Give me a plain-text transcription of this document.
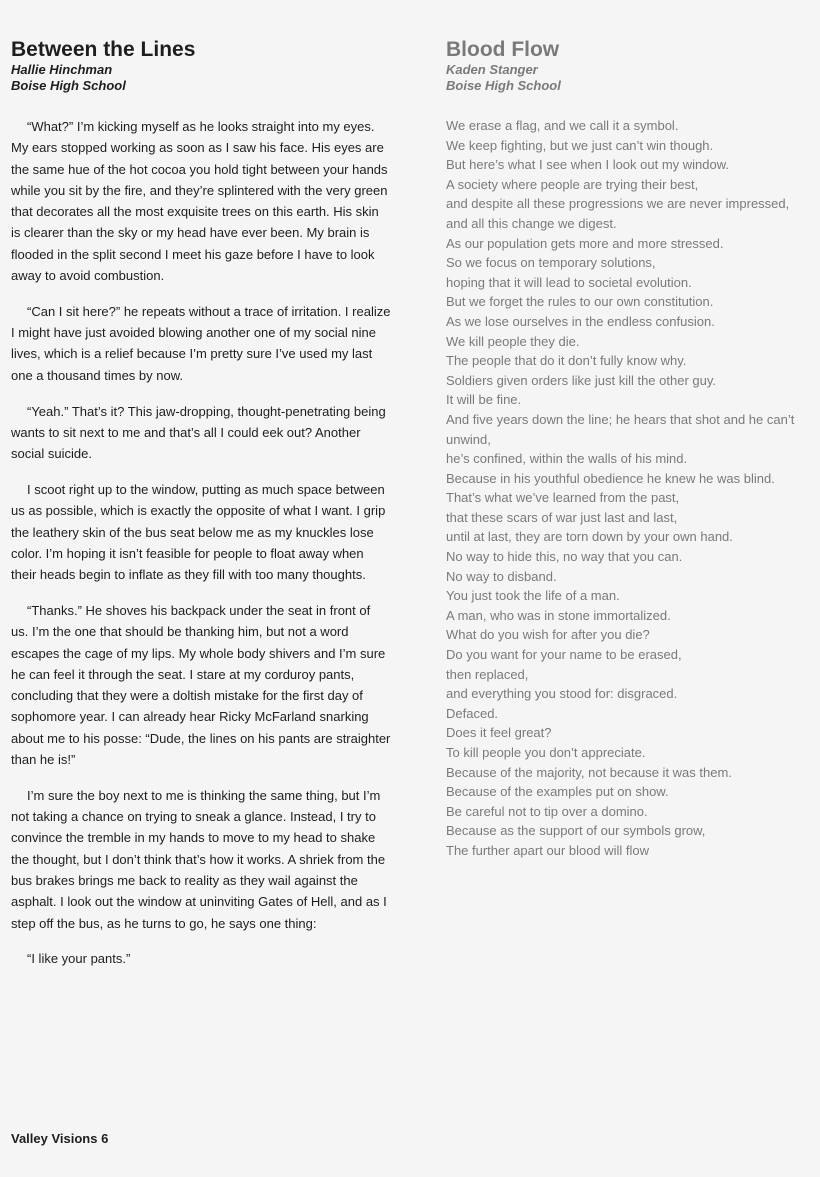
Between the Lines
Hallie Hinchman
Boise High School

“What?” I’m kicking myself as he looks straight into my eyes. My ears stopped working as soon as I saw his face. His eyes are the same hue of the hot cocoa you hold tight between your hands while you sit by the fire, and they’re splintered with the very green that decorates all the most exquisite trees on this earth. His skin is clearer than the sky or my head have ever been. My brain is flooded in the split second I meet his gaze before I have to look away to avoid combustion.

“Can I sit here?” he repeats without a trace of irritation. I realize I might have just avoided blowing another one of my social nine lives, which is a relief because I’m pretty sure I’ve used my last one a thousand times by now.

“Yeah.” That’s it? This jaw-dropping, thought-penetrating being wants to sit next to me and that’s all I could eek out? Another social suicide.

I scoot right up to the window, putting as much space between us as possible, which is exactly the opposite of what I want. I grip the leathery skin of the bus seat below me as my knuckles lose color. I’m hoping it isn’t feasible for people to float away when their heads begin to inflate as they fill with too many thoughts.

“Thanks.” He shoves his backpack under the seat in front of us. I’m the one that should be thanking him, but not a word escapes the cage of my lips. My whole body shivers and I’m sure he can feel it through the seat. I stare at my corduroy pants, concluding that they were a doltish mistake for the first day of sophomore year. I can already hear Ricky McFarland snarking about me to his posse: “Dude, the lines on his pants are straighter than he is!”

I’m sure the boy next to me is thinking the same thing, but I’m not taking a chance on trying to sneak a glance. Instead, I try to convince the tremble in my hands to move to my head to shake the thought, but I don’t think that’s how it works. A shriek from the bus brakes brings me back to reality as they wail against the asphalt. I look out the window at uninviting Gates of Hell, and as I step off the bus, as he turns to go, he says one thing:

“I like your pants.”

Blood Flow
Kaden Stanger
Boise High School
We erase a flag, and we call it a symbol.
We keep fighting, but we just can’t win though.
But here’s what I see when I look out my window.
A society where people are trying their best,
and despite all these progressions we are never impressed,
and all this change we digest.
As our population gets more and more stressed.
So we focus on temporary solutions,
hoping that it will lead to societal evolution.
But we forget the rules to our own constitution.
As we lose ourselves in the endless confusion.
We kill people they die.
The people that do it don’t fully know why.
Soldiers given orders like just kill the other guy.
It will be fine.
And five years down the line; he hears that shot and he can’t unwind,
he’s confined, within the walls of his mind.
Because in his youthful obedience he knew he was blind.
That’s what we’ve learned from the past,
that these scars of war just last and last,
until at last, they are torn down by your own hand.
No way to hide this, no way that you can.
No way to disband.
You just took the life of a man.
A man, who was in stone immortalized.
What do you wish for after you die?
Do you want for your name to be erased,
then replaced,
and everything you stood for: disgraced.
Defaced.
Does it feel great?
To kill people you don’t appreciate.
Because of the majority, not because it was them.
Because of the examples put on show.
Be careful not to tip over a domino.
Because as the support of our symbols grow,
The further apart our blood will flow
Valley Visions 6
